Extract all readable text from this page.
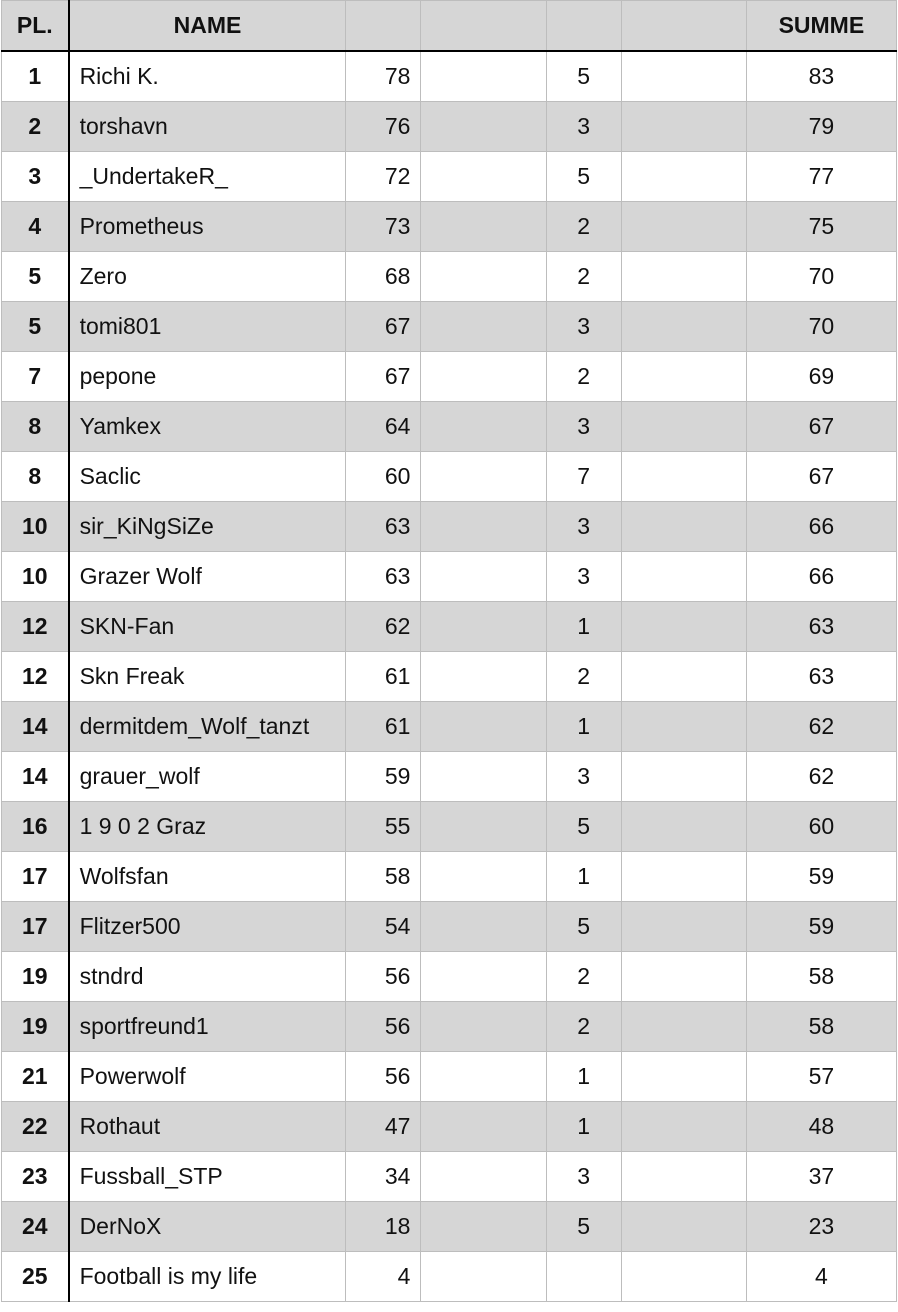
PL.	NAME					SUMME
1	Richi K.	78		5		83
2	torshavn	76		3		79
3	_UndertakeR_	72		5		77
4	Prometheus	73		2		75
5	Zero	68		2		70
5	tomi801	67		3		70
7	pepone	67		2		69
8	Yamkex	64		3		67
8	Saclic	60		7		67
10	sir_KiNgSiZe	63		3		66
10	Grazer Wolf	63		3		66
12	SKN-Fan	62		1		63
12	Skn Freak	61		2		63
14	dermitdem_Wolf_tanzt	61		1		62
14	grauer_wolf	59		3		62
16	1 9 0 2 Graz	55		5		60
17	Wolfsfan	58		1		59
17	Flitzer500	54		5		59
19	stndrd	56		2		58
19	sportfreund1	56		2		58
21	Powerwolf	56		1		57
22	Rothaut	47		1		48
23	Fussball_STP	34		3		37
24	DerNoX	18		5		23
25	Football is my life	4				4
